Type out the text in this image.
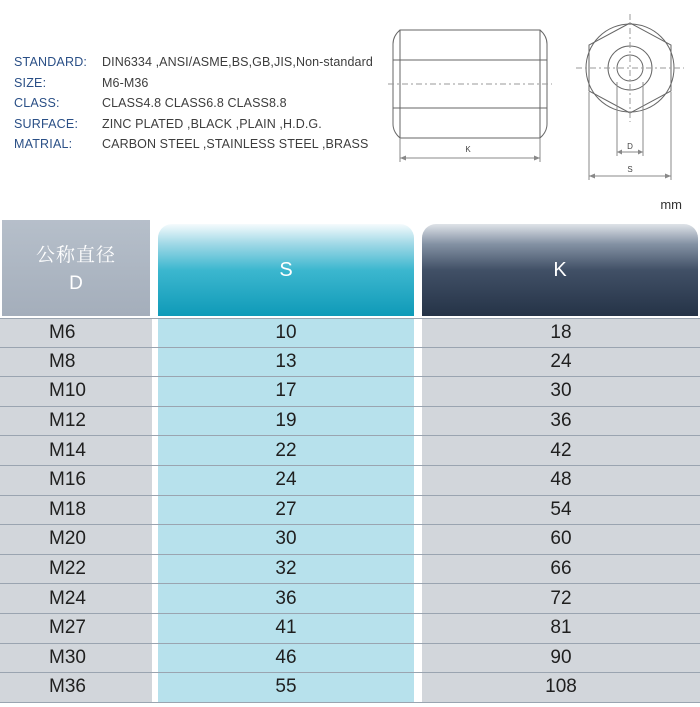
STANDARD:	DIN6334 ,ANSI/ASME,BS,GB,JIS,Non-standard
SIZE:	M6-M36
CLASS:	CLASS4.8 CLASS6.8 CLASS8.8
SURFACE:	ZINC PLATED ,BLACK ,PLAIN ,H.D.G.
MATRIAL:	CARBON STEEL ,STAINLESS STEEL ,BRASS	K	D
S
mm
公称直径
D
S	K
M6	10	18
M8	13	24
M10	17	30
M12	19	36
M14	22	42
M16	24	48
M18	27	54
M20	30	60
M22	32	66
M24	36	72
M27	41	81
M30	46	90
M36	55	108
